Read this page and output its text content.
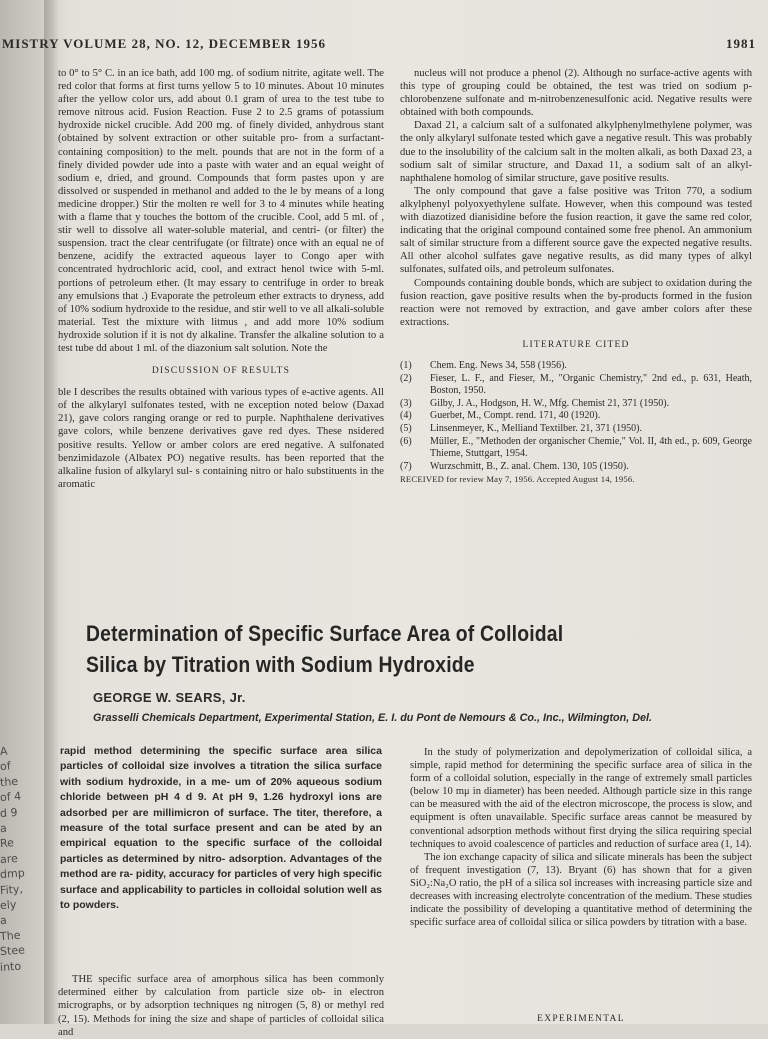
MISTRY VOLUME 28, NO. 12, DECEMBER 1956	1981

to 0° to 5° C. in an ice bath, add 100 mg. of sodium nitrite, agitate well. The red color that forms at first turns yellow 5 to 10 minutes. About 10 minutes after the yellow color urs, add about 0.1 gram of urea to the test tube to remove nitrous acid. Fusion Reaction. Fuse 2 to 2.5 grams of potassium hydroxide nickel crucible. Add 200 mg. of finely divided, anhydrous stant (obtained by solvent extraction or other suitable pro- from a surfactant-containing composition) to the melt. pounds that are not in the form of a finely divided powder ude into a paste with water and an equal weight of sodium e, dried, and ground. Compounds that form pastes upon y are dissolved or suspended in methanol and added to the le by means of a long medicine dropper.) Stir the molten re well for 3 to 4 minutes while heating with a flame that y touches the bottom of the crucible. Cool, add 5 ml. of , stir well to dissolve all water-soluble material, and centri- (or filter) the suspension. tract the clear centrifugate (or filtrate) once with an equal ne of benzene, acidify the extracted aqueous layer to Congo aper with concentrated hydrochloric acid, cool, and extract henol twice with 5-ml. portions of petroleum ether. (It may essary to centrifuge in order to break any emulsions that .) Evaporate the petroleum ether extracts to dryness, add of 10% sodium hydroxide to the residue, and stir well to ve all alkali-soluble material. Test the mixture with litmus , and add more 10% sodium hydroxide solution if it is not dy alkaline. Transfer the alkaline solution to a test tube dd about 1 ml. of the diazonium salt solution. Note the

DISCUSSION OF RESULTS

ble I describes the results obtained with various types of e-active agents. All of the alkylaryl sulfonates tested, with ne exception noted below (Daxad 21), gave colors ranging orange or red to purple. Naphthalene derivatives gave colors, while benzene derivatives gave red dyes. These nsidered positive results. Yellow or amber colors are ered negative. A sulfonated benzimidazole (Albatex PO) negative results. has been reported that the alkaline fusion of alkylaryl sul- s containing nitro or halo substituents in the aromatic

nucleus will not produce a phenol (2). Although no surface-active agents with this type of grouping could be obtained, the test was tried on sodium p-chlorobenzene sulfonate and m-nitrobenzenesulfonic acid. Negative results were obtained with both compounds.

Daxad 21, a calcium salt of a sulfonated alkylphenylmethylene polymer, was the only alkylaryl sulfonate tested which gave a negative result. This was probably due to the insolubility of the calcium salt in the molten alkali, as both Daxad 23, a sodium salt of similar structure, and Daxad 11, a sodium salt of an alkyl-naphthalene homolog of similar structure, gave positive results.

The only compound that gave a false positive was Triton 770, a sodium alkylphenyl polyoxyethylene sulfate. However, when this compound was tested with diazotized dianisidine before the fusion reaction, it gave the same red color, indicating that the original compound contained some free phenol. An ammonium salt of similar structure from a different source gave the expected negative results. All other alcohol sulfates gave negative results, as did many types of alkyl sulfonates, sulfated oils, and petroleum sulfonates.

Compounds containing double bonds, which are subject to oxidation during the fusion reaction, gave positive results when the by-products formed in the fusion reaction were not removed by extraction, and gave amber colors after these extractions.

LITERATURE CITED
(1) Chem. Eng. News 34, 558 (1956).
(2) Fieser, L. F., and Fieser, M., "Organic Chemistry," 2nd ed., p. 631, Heath, Boston, 1950.
(3) Gilby, J. A., Hodgson, H. W., Mfg. Chemist 21, 371 (1950).
(4) Guerbet, M., Compt. rend. 171, 40 (1920).
(5) Linsenmeyer, K., Melliand Textilber. 21, 371 (1950).
(6) Müller, E., "Methoden der organischer Chemie," Vol. II, 4th ed., p. 609, George Thieme, Stuttgart, 1954.
(7) Wurzschmitt, B., Z. anal. Chem. 130, 105 (1950).

RECEIVED for review May 7, 1956. Accepted August 14, 1956.

Determination of Specific Surface Area of Colloidal
Silica by Titration with Sodium Hydroxide
GEORGE W. SEARS, Jr.
Grasselli Chemicals Department, Experimental Station, E. I. du Pont de Nemours & Co., Inc., Wilmington, Del.

rapid method determining the specific surface area silica particles of colloidal size involves a titration the silica surface with sodium hydroxide, in a me- um of 20% aqueous sodium chloride between pH 4 d 9. At pH 9, 1.26 hydroxyl ions are adsorbed per are millimicron of surface. The titer, therefore, a measure of the total surface present and can be ated by an empirical equation to the specific surface of the colloidal particles as determined by nitro- adsorption. Advantages of the method are ra- pidity, accuracy for particles of very high specific surface and applicability to particles in colloidal solution well as to powders.

THE specific surface area of amorphous silica has been commonly determined either by calculation from particle size ob- in electron micrographs, or by adsorption techniques ng nitrogen (5, 8) or methyl red (2, 15). Methods for ining the size and shape of particles of colloidal silica and

In the study of polymerization and depolymerization of colloidal silica, a simple, rapid method for determining the specific surface area of silica in the form of a colloidal solution, especially in the range of extremely small particles (below 10 mμ in diameter) has been needed. Although particle size in this range can be measured with the aid of the electron microscope, the process is slow, and equipment is often unavailable. Specific surface areas cannot be measured by conventional adsorption methods without first drying the silica requiring special techniques to avoid coalescence of particles and reduction of surface area (1, 14).

The ion exchange capacity of silica and silicate minerals has been the subject of frequent investigation (7, 13). Bryant (6) has shown that for a given SiO₂:Na₂O ratio, the pH of a silica sol increases with increasing particle size and decreases with increasing electrolyte concentration of the medium. These studies indicate the possibility of developing a quantitative method of determining the specific surface area of colloidal silica or silica powders by titration with a base.

EXPERIMENTAL
A
of
the
of 4
d 9
a
Re
are
dmp
Fity,
ely
a
The
Stee
into
